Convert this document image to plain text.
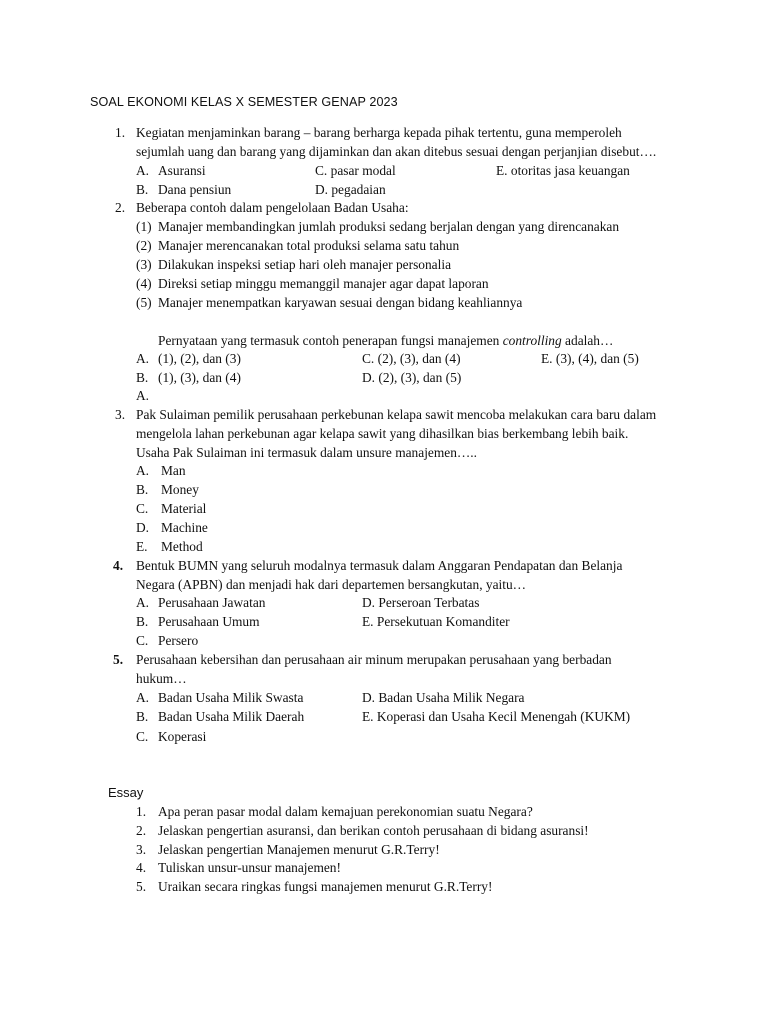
SOAL EKONOMI KELAS X SEMESTER GENAP 2023
1. Kegiatan menjaminkan barang – barang berharga kepada pihak tertentu, guna memperoleh
sejumlah uang dan barang yang dijaminkan dan akan ditebus sesuai dengan perjanjian disebut….
A. Asuransi	C. pasar modal	E. otoritas jasa keuangan
B. Dana pensiun	D. pegadaian
2. Beberapa contoh dalam pengelolaan Badan Usaha:
(1) Manajer membandingkan jumlah produksi sedang berjalan dengan yang direncanakan
(2) Manajer merencanakan total produksi selama satu tahun
(3) Dilakukan inspeksi setiap hari oleh manajer personalia
(4) Direksi setiap minggu memanggil manajer agar dapat laporan
(5) Manajer menempatkan karyawan sesuai dengan bidang keahliannya
Pernyataan yang termasuk contoh penerapan fungsi manajemen controlling adalah…
A. (1), (2), dan (3)	C. (2), (3), dan (4)	E. (3), (4), dan (5)
B. (1), (3), dan (4)	D. (2), (3), dan (5)
A.
3. Pak Sulaiman pemilik perusahaan perkebunan kelapa sawit mencoba melakukan cara baru dalam
mengelola lahan perkebunan agar kelapa sawit yang dihasilkan bias berkembang lebih baik.
Usaha Pak Sulaiman ini termasuk dalam unsure manajemen…..
A. Man
B. Money
C. Material
D. Machine
E. Method
4. Bentuk BUMN yang seluruh modalnya termasuk dalam Anggaran Pendapatan dan Belanja
Negara (APBN) dan menjadi hak dari departemen bersangkutan, yaitu…
A. Perusahaan Jawatan	D. Perseroan Terbatas
B. Perusahaan Umum	E. Persekutuan Komanditer
C. Persero
5. Perusahaan kebersihan dan perusahaan air minum merupakan perusahaan yang berbadan
hukum…
A. Badan Usaha Milik Swasta	D. Badan Usaha Milik Negara
B. Badan Usaha Milik Daerah	E. Koperasi dan Usaha Kecil Menengah (KUKM)
C. Koperasi
Essay
1. Apa peran pasar modal dalam kemajuan perekonomian suatu Negara?
2. Jelaskan pengertian asuransi, dan berikan contoh perusahaan di bidang asuransi!
3. Jelaskan pengertian Manajemen menurut G.R.Terry!
4. Tuliskan unsur-unsur manajemen!
5. Uraikan secara ringkas fungsi manajemen menurut G.R.Terry!
